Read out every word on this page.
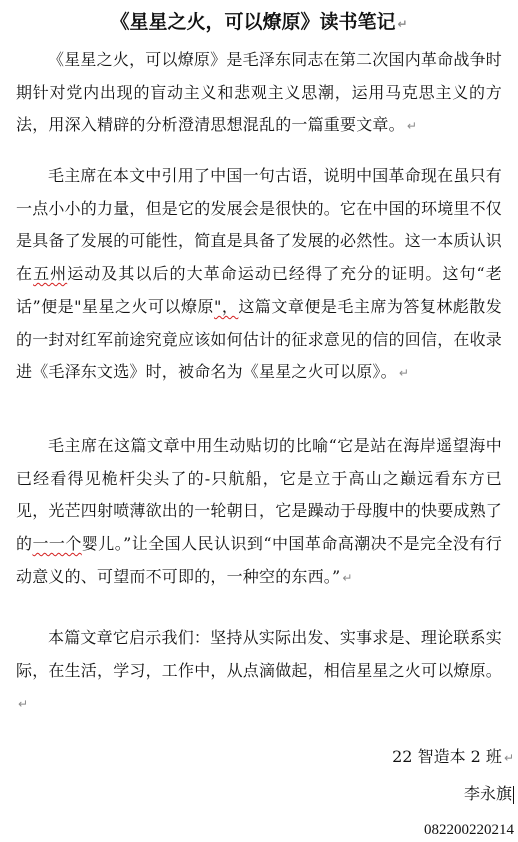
《星星之火，可以燎原》读书笔记 ↵
《星星之火，可以燎原》是毛泽东同志在第二次国内革命战争时期针对党内出现的盲动主义和悲观主义思潮，运用马克思主义的方法，用深入精辟的分析澄清思想混乱的一篇重要文章。 ↵
毛主席在本文中引用了中国一句古语，说明中国革命现在虽只有一点小小的力量，但是它的发展会是很快的。它在中国的环境里不仅是具备了发展的可能性，简直是具备了发展的必然性。这一本质认识在五州运动及其以后的大革命运动已经得了充分的证明。这句“老话”便是"星星之火可以燎原"，这篇文章便是毛主席为答复林彪散发的一封对红军前途究竟应该如何估计的征求意见的信的回信，在收录进《毛泽东文选》时，被命名为《星星之火可以原》。 ↵
毛主席在这篇文章中用生动贴切的比喻“它是站在海岸遥望海中已经看得见桅杆尖头了的-只航船，它是立于高山之巅远看东方已见，光芒四射喷薄欲出的一轮朝日，它是躁动于母腹中的快要成熟了的一一个婴儿。”让全国人民认识到“中国革命高潮决不是完全没有行动意义的、可望而不可即的，一种空的东西。” ↵
本篇文章它启示我们：坚持从实际出发、实事求是、理论联系实际，在生活，学习，工作中，从点滴做起，相信星星之火可以燎原。↵
22 智造本 2 班 ↵
李永旗
082200220214
